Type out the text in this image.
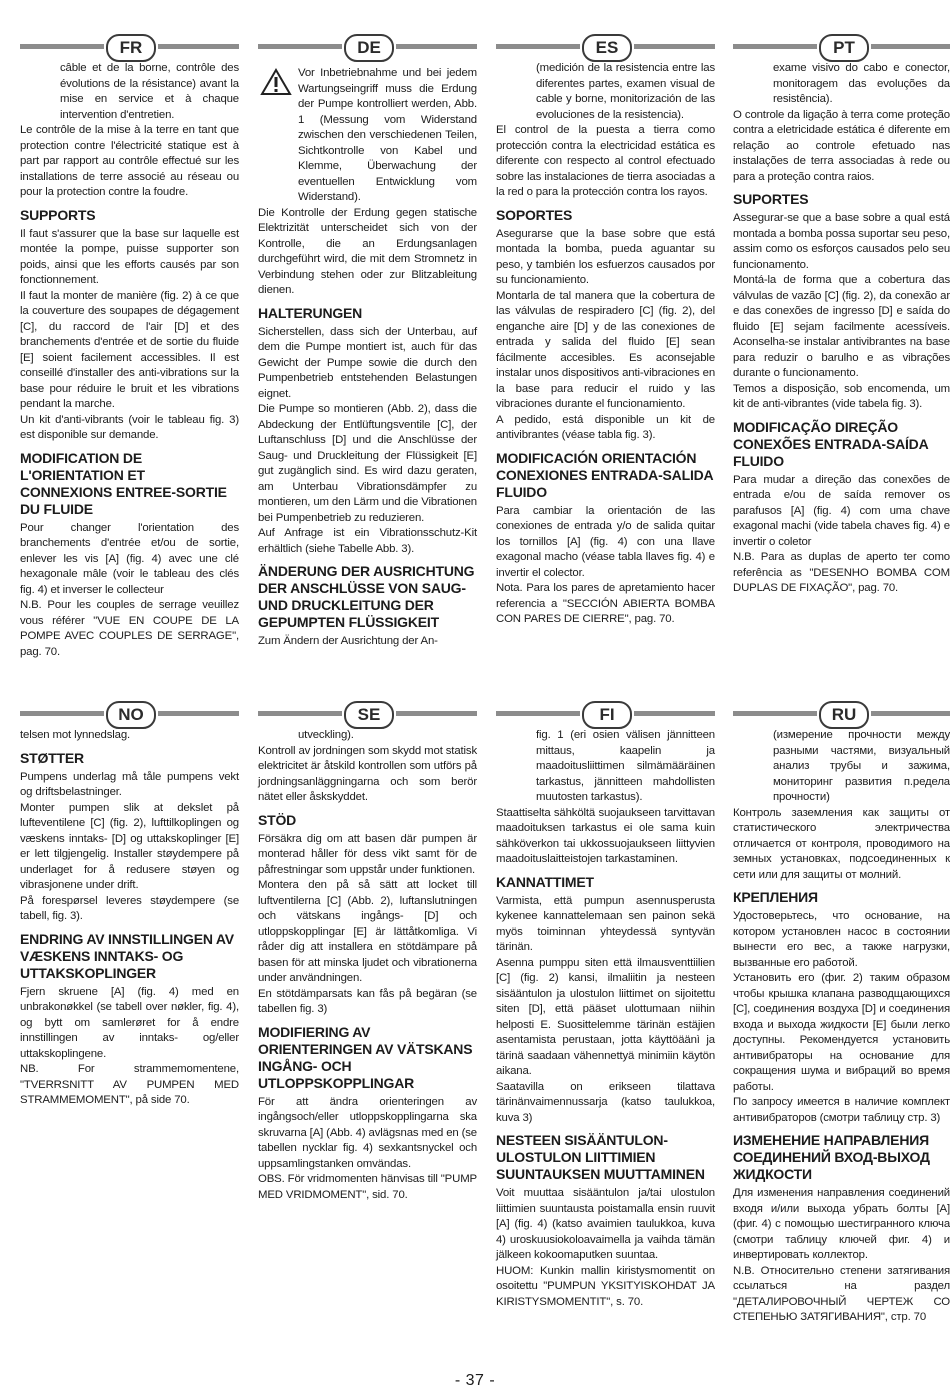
FR	DE	ES	PT
NO	SE	FI	RU

câble et de la borne, contrôle des évolutions de la résistance) avant la mise en service et à chaque intervention d'entretien.

Le contrôle de la mise à la terre en tant que protection contre l'électricité statique est à part par rapport au contrôle effectué sur les installations de terre associé au réseau ou pour la protection contre la foudre.

SUPPORTS

Il faut s'assurer que la base sur laquelle est montée la pompe, puisse supporter son poids, ainsi que les efforts causés par son fonctionnement.

Il faut la monter de manière (fig. 2) à ce que la couverture des soupapes de dégagement [C], du raccord de l'air [D] et des branchements d'entrée et de sortie du fluide [E] soient facilement accessibles. Il est conseillé d'installer des anti-vibrations sur la base pour réduire le bruit et les vibrations pendant la marche.

Un kit d'anti-vibrants (voir le tableau fig. 3) est disponible sur demande.

MODIFICATION DE L'ORIENTATION ET CONNEXIONS ENTREE-SORTIE DU FLUIDE

Pour changer l'orientation des branchements d'entrée et/ou de sortie, enlever les vis [A] (fig. 4) avec une clé hexagonale mâle (voir le tableau des clés fig. 4) et inverser le collecteur

N.B. Pour les couples de serrage veuillez vous référer "VUE EN COUPE DE LA POMPE AVEC COUPLES DE SERRAGE", pag. 70.

Vor Inbetriebnahme und bei jedem Wartungseingriff muss die Erdung der Pumpe kontrolliert werden, Abb. 1 (Messung vom Widerstand zwischen den verschiedenen Teilen, Sichtkontrolle von Kabel und Klemme, Überwachung der eventuellen Entwicklung vom Widerstand).

Die Kontrolle der Erdung gegen statische Elektrizität unterscheidet sich von der Kontrolle, die an Erdungsanlagen durchgeführt wird, die mit dem Stromnetz in Verbindung stehen oder zur Blitzableitung dienen.

HALTERUNGEN

Sicherstellen, dass sich der Unterbau, auf dem die Pumpe montiert ist, auch für das Gewicht der Pumpe sowie die durch den Pumpenbetrieb entstehenden Belastungen eignet.

Die Pumpe so montieren (Abb. 2), dass die Abdeckung der Entlüftungsventile [C], der Luftanschluss [D] und die Anschlüsse der Saug- und Druckleitung der Flüssigkeit [E] gut zugänglich sind. Es wird dazu geraten, am Unterbau Vibrationsdämpfer zu montieren, um den Lärm und die Vibrationen bei Pumpenbetrieb zu reduzieren.

Auf Anfrage ist ein Vibrationsschutz-Kit erhältlich (siehe Tabelle Abb. 3).

ÄNDERUNG DER AUSRICHTUNG DER ANSCHLÜSSE VON SAUG- UND DRUCKLEITUNG DER GEPUMPTEN FLÜSSIGKEIT

Zum Ändern der Ausrichtung der An-

(medición de la resistencia entre las diferentes partes, examen visual de cable y borne, monitorización de las evoluciones de la resistencia).

El control de la puesta a tierra como protección contra la electricidad estática es diferente con respecto al control efectuado sobre las instalaciones de tierra asociadas a la red o para la protección contra los rayos.

SOPORTES

Asegurarse que la base sobre que está montada la bomba, pueda aguantar su peso, y también los esfuerzos causados por su funcionamiento.

Montarla de tal manera que la cobertura de las válvulas de respiradero [C] (fig. 2), del enganche aire [D] y de las conexiones de entrada y salida del fluido [E] sean fácilmente accesibles. Es aconsejable instalar unos dispositivos anti-vibraciones en la base para reducir el ruido y las vibraciones durante el funcionamiento.

A pedido, está disponible un kit de antivibrantes (véase tabla fig. 3).

MODIFICACIÓN ORIENTACIÓN CONEXIONES ENTRADA-SALIDA FLUIDO

Para cambiar la orientación de las conexiones de entrada y/o de salida quitar los tornillos [A] (fig. 4) con una llave exagonal macho (véase tabla llaves fig. 4) e invertir el colector.

Nota. Para los pares de apretamiento hacer referencia a "SECCIÓN ABIERTA BOMBA CON PARES DE CIERRE", pag. 70.

exame visivo do cabo e conector, monitoragem das evoluções da resistência).

O controle da ligação à terra come proteção contra a eletricidade estática é diferente em relação ao controle efetuado nas instalações de terra associadas à rede ou para a proteção contra raios.

SUPORTES

Assegurar-se que a base sobre a qual está montada a bomba possa suportar seu peso, assim como os esforços causados pelo seu funcionamento.

Montá-la de forma que a cobertura das válvulas de vazão [C] (fig. 2), da conexão ar e das conexões de ingresso [D] e saída do fluido [E] sejam facilmente acessíveis. Aconselha-se instalar antivibrantes na base para reduzir o barulho e as vibrações durante o funcionamento.

Temos a disposição, sob encomenda, um kit de anti-vibrantes (vide tabela fig. 3).

MODIFICAÇÃO DIREÇÃO CONEXÕES ENTRADA-SAÍDA FLUIDO

Para mudar a direção das conexões de entrada e/ou de saída remover os parafusos [A] (fig. 4) com uma chave exagonal machi (vide tabela chaves fig. 4) e invertir o coletor

N.B. Para as duplas de aperto ter como referência as "DESENHO BOMBA COM DUPLAS DE FIXAÇÃO", pag. 70.

telsen mot lynnedslag.

STØTTER

Pumpens underlag må tåle pumpens vekt og driftsbelastninger.

Monter pumpen slik at dekslet på lufteventilene [C] (fig. 2), lufttilkoplingen og væskens inntaks- [D] og uttakskoplinger [E] er lett tilgjengelig. Installer støydempere på underlaget for å redusere støyen og vibrasjonene under drift.

På forespørsel leveres støydempere (se tabell, fig. 3).

ENDRING AV INNSTILLINGEN AV VÆSKENS INNTAKS- OG UTTAKSKOPLINGER

Fjern skruene [A] (fig. 4) med en unbrakonøkkel (se tabell over nøkler, fig. 4), og bytt om samlerøret for å endre innstillingen av inntaks- og/eller uttakskoplingene.

NB. For strammemomentene, "TVERRSNITT AV PUMPEN MED STRAMMEMOMENT", på side 70.

utveckling).

Kontroll av jordningen som skydd mot statisk elektricitet är åtskild kontrollen som utförs på jordningsanläggningarna och som berör nätet eller åskskyddet.

STÖD

Försäkra dig om att basen där pumpen är monterad håller för dess vikt samt för de påfrestningar som uppstår under funktionen.

Montera den på så sätt att locket till luftventilerna [C] (Abb. 2), luftanslutningen och vätskans ingångs- [D] och utloppskopplingar [E] är lättåtkomliga. Vi råder dig att installera en stötdämpare på basen för att minska ljudet och vibrationerna under användningen.

En stötdämparsats kan fås på begäran (se tabellen fig. 3)

MODIFIERING AV ORIENTERINGEN AV VÄTSKANS INGÅNG- OCH UTLOPPSKOPPLINGAR

För att ändra orienteringen av ingångsoch/eller utloppskopplingarna ska skruvarna [A] (Abb. 4) avlägsnas med en (se tabellen nycklar fig. 4) sexkantsnyckel och uppsamlingstanken omvändas.

OBS. För vridmomenten hänvisas till "PUMP MED VRIDMOMENT", sid. 70.

fig. 1 (eri osien välisen jännitteen mittaus, kaapelin ja maadoitusliittimen silmämääräinen tarkastus, jännitteen mahdollisten muutosten tarkastus).

Staattiselta sähköltä suojaukseen tarvittavan maadoituksen tarkastus ei ole sama kuin sähköverkon tai ukkossuojaukseen liittyvien maadoituslaitteistojen tarkastaminen.

KANNATTIMET

Varmista, että pumpun asennusperusta kykenee kannattelemaan sen painon sekä myös toiminnan yhteydessä syntyvän tärinän.

Asenna pumppu siten että ilmausventtiilien [C] (fig. 2) kansi, ilmaliitin ja nesteen sisääntulon ja ulostulon liittimet on sijoitettu siten [D], että pääset ulottumaan niihin helposti E. Suosittelemme tärinän estäjien asentamista perustaan, jotta käyttöäänì ja tärinä saadaan vähennettyä minimiin käytön aikana.

Saatavilla on erikseen tilattava tärinänvaimennussarja (katso taulukkoa, kuva 3)

NESTEEN SISÄÄNTULON-ULOSTULON LIITTIMIEN SUUNTAUKSEN MUUTTAMINEN

Voit muuttaa sisääntulon ja/tai ulostulon liittimien suuntausta poistamalla ensin ruuvit [A] (fig. 4) (katso avaimien taulukkoa, kuva 4) uroskuusiokoloavaimella ja vaihda tämän jälkeen kokoomaputken suuntaa.

HUOM: Kunkin mallin kiristysmomentit on osoitettu "PUMPUN YKSITYISKOHDAT JA KIRISTYSMOMENTIT", s. 70.

(измерение прочности между разными частями, визуальный анализ трубы и зажима, мониторинг развития п.редела прочности)

Контроль заземления как защиты от статистического электричества отличается от контроля, проводимого на земных установках, подсоединенных к сети или для защиты от молний.

КРЕПЛЕНИЯ

Удостоверьтесь, что основание, на котором установлен насос в состоянии вынести его вес, а также нагрузки, вызванные его работой.

Установить его (фиг. 2) таким образом чтобы крышка клапана разводщающихся [C], соединения воздуха [D] и соединения входа и выхода жидкости [E] были легко доступны. Рекомендуется установить антивибраторы на основание для сокращения шума и вибраций во время работы.

По запросу имеется в наличие комплект антивибраторов (смотри таблицу стр. 3)

ИЗМЕНЕНИЕ НАПРАВЛЕНИЯ СОЕДИНЕНИЙ ВХОД-ВЫХОД ЖИДКОСТИ

Для изменения направления соединений входя и/или выхода убрать болты [A] (фиг. 4) с помощью шестигранного ключа (смотри таблицу ключей фиг. 4) и инвертировать коллектор.

N.B. Относительно степени затягивания ссылаться на раздел "ДЕТАЛИРОВОЧНЫЙ ЧЕРТЕЖ СО СТЕПЕНЬЮ ЗАТЯГИВАНИЯ", стр. 70

- 37 -
